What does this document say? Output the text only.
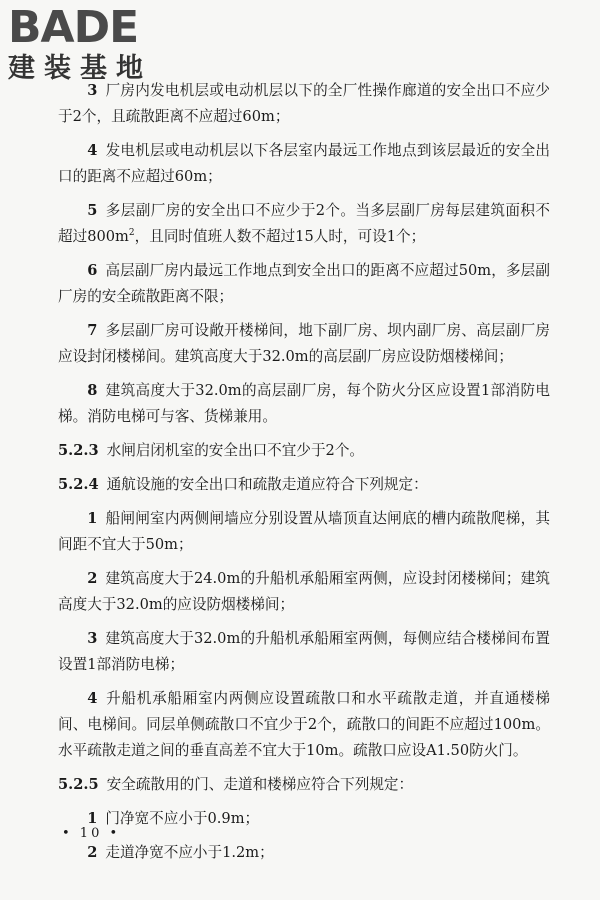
BADE
建装基地

3 厂房内发电机层或电动机层以下的全厂性操作廊道的安全出口不应少于2个，且疏散距离不应超过60m；

4 发电机层或电动机层以下各层室内最远工作地点到该层最近的安全出口的距离不应超过60m；

5 多层副厂房的安全出口不应少于2个。当多层副厂房每层建筑面积不超过$800m^2$，且同时值班人数不超过15人时，可设1个；

6 高层副厂房内最远工作地点到安全出口的距离不应超过50m，多层副厂房的安全疏散距离不限；

7 多层副厂房可设敞开楼梯间，地下副厂房、坝内副厂房、高层副厂房应设封闭楼梯间。建筑高度大于32.0m的高层副厂房应设防烟楼梯间；

8 建筑高度大于32.0m的高层副厂房，每个防火分区应设置1部消防电梯。消防电梯可与客、货梯兼用。

5.2.3 水闸启闭机室的安全出口不宜少于2个。

5.2.4 通航设施的安全出口和疏散走道应符合下列规定：

1 船闸闸室内两侧闸墙应分别设置从墙顶直达闸底的槽内疏散爬梯，其间距不宜大于50m；

2 建筑高度大于24.0m的升船机承船厢室两侧，应设封闭楼梯间；建筑高度大于32.0m的应设防烟楼梯间；

3 建筑高度大于32.0m的升船机承船厢室两侧，每侧应结合楼梯间布置设置1部消防电梯；

4 升船机承船厢室内两侧应设置疏散口和水平疏散走道，并直通楼梯间、电梯间。同层单侧疏散口不宜少于2个，疏散口的间距不应超过100m。水平疏散走道之间的垂直高差不宜大于10m。疏散口应设A1.50防火门。

5.2.5 安全疏散用的门、走道和楼梯应符合下列规定：

1 门净宽不应小于0.9m；

2 走道净宽不应小于1.2m；

• 10 •
